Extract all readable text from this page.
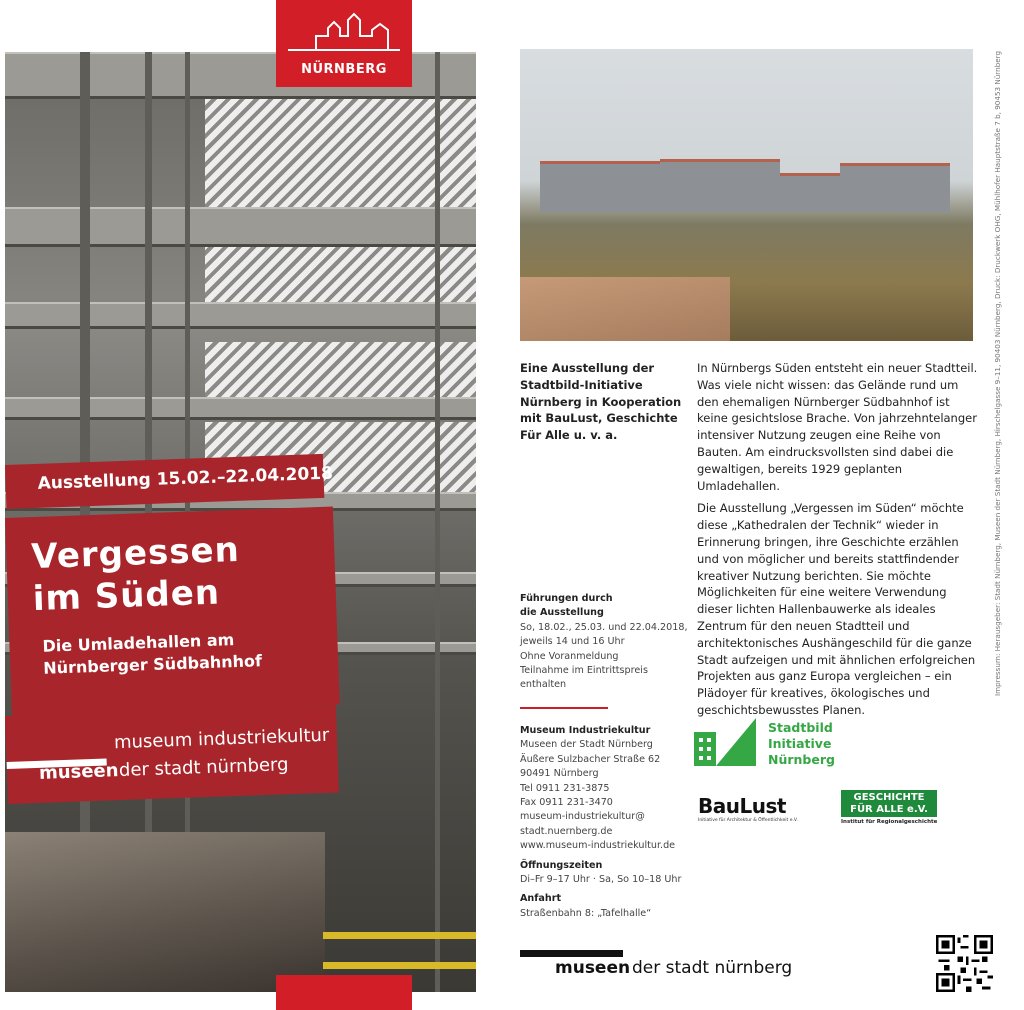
NÜRNBERG
Ausstellung 15.02.–22.04.2018
Vergessen
im Süden
Die Umladehallen am
Nürnberger Südbahnhof
museum industriekultur
museen der stadt nürnberg
Eine Ausstellung der Stadtbild-Initiative Nürnberg in Kooperation mit BauLust, Geschichte Für Alle u. v. a.

In Nürnbergs Süden entsteht ein neuer Stadtteil. Was viele nicht wissen: das Gelände rund um den ehemaligen Nürnberger Südbahnhof ist keine gesichtslose Brache. Von jahrzehntelanger intensiver Nutzung zeugen eine Reihe von Bauten. Am eindrucksvollsten sind dabei die gewaltigen, bereits 1929 geplanten Umladehallen.

Die Ausstellung „Vergessen im Süden“ möchte diese „Kathedralen der Technik“ wieder in Erinnerung bringen, ihre Geschichte erzählen und von möglicher und bereits stattfindender kreativer Nutzung berichten. Sie möchte Möglichkeiten für eine weitere Verwendung dieser lichten Hallenbauwerke als ideales Zentrum für den neuen Stadtteil und architektonisches Aushängeschild für die ganze Stadt aufzeigen und mit ähnlichen erfolgreichen Projekten aus ganz Europa vergleichen – ein Plädoyer für kreatives, ökologisches und geschichtsbewusstes Planen.

Führungen durch
die Ausstellung
So, 18.02., 25.03. und 22.04.2018,
jeweils 14 und 16 Uhr
Ohne Voranmeldung
Teilnahme im Eintrittspreis
enthalten
Museum Industriekultur
Museen der Stadt Nürnberg
Äußere Sulzbacher Straße 62
90491 Nürnberg
Tel 0911 231-3875
Fax 0911 231-3470
museum-industriekultur@
stadt.nuernberg.de
www.museum-industriekultur.de
Öffnungszeiten
Di–Fr 9–17 Uhr · Sa, So 10–18 Uhr
Anfahrt
Straßenbahn 8: „Tafelhalle“
Stadtbild
Initiative
Nürnberg
BauLust
Initiative für Architektur & Öffentlichkeit e.V.
GESCHICHTE
FÜR ALLE e.V.
Institut für Regionalgeschichte
museen der stadt nürnberg
Impressum: Herausgeber: Stadt Nürnberg, Museen der Stadt Nürnberg, Hirschelgasse 9–11, 90403 Nürnberg, Druck: Druckwerk OHG, Mühlhofer Hauptstraße 7 b, 90453 Nürnberg
